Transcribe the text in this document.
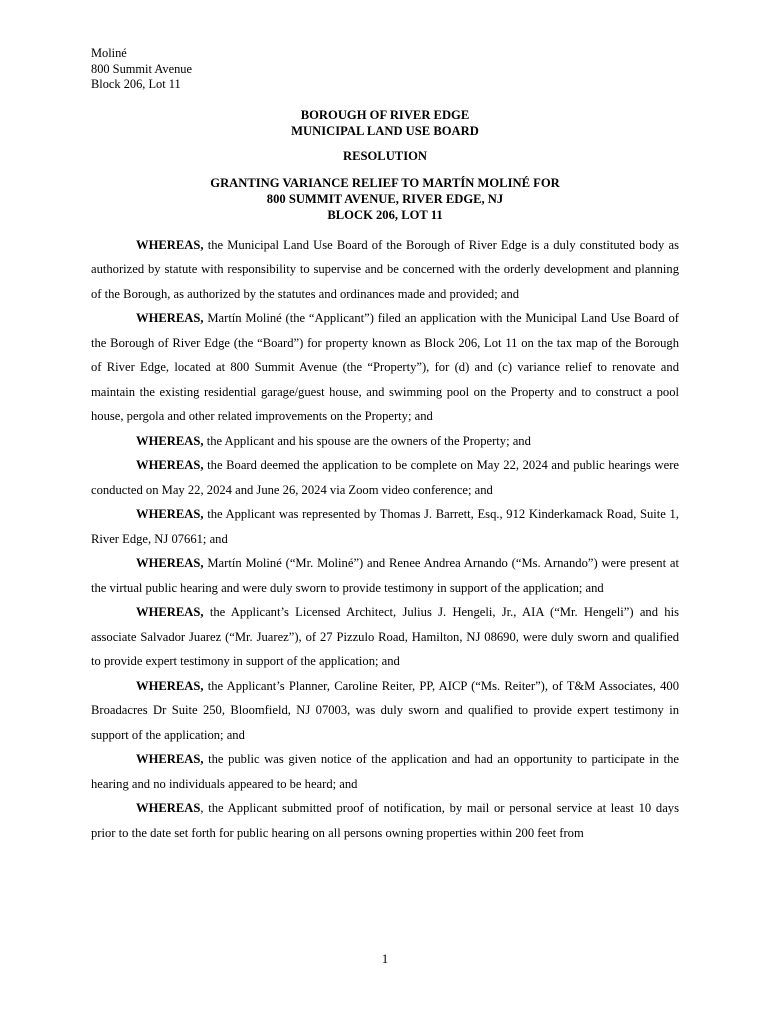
Moliné
800 Summit Avenue
Block 206, Lot 11
BOROUGH OF RIVER EDGE
MUNICIPAL LAND USE BOARD
RESOLUTION
GRANTING VARIANCE RELIEF TO MARTÍN MOLINÉ FOR
800 SUMMIT AVENUE, RIVER EDGE, NJ
BLOCK 206, LOT 11

WHEREAS, the Municipal Land Use Board of the Borough of River Edge is a duly constituted body as authorized by statute with responsibility to supervise and be concerned with the orderly development and planning of the Borough, as authorized by the statutes and ordinances made and provided; and

WHEREAS, Martín Moliné (the “Applicant”) filed an application with the Municipal Land Use Board of the Borough of River Edge (the “Board”) for property known as Block 206, Lot 11 on the tax map of the Borough of River Edge, located at 800 Summit Avenue (the “Property”), for (d) and (c) variance relief to renovate and maintain the existing residential garage/guest house, and swimming pool on the Property and to construct a pool house, pergola and other related improvements on the Property; and

WHEREAS, the Applicant and his spouse are the owners of the Property; and

WHEREAS, the Board deemed the application to be complete on May 22, 2024 and public hearings were conducted on May 22, 2024 and June 26, 2024 via Zoom video conference; and

WHEREAS, the Applicant was represented by Thomas J. Barrett, Esq., 912 Kinderkamack Road, Suite 1, River Edge, NJ 07661; and

WHEREAS, Martín Moliné (“Mr. Moliné”) and Renee Andrea Arnando (“Ms. Arnando”) were present at the virtual public hearing and were duly sworn to provide testimony in support of the application; and

WHEREAS, the Applicant’s Licensed Architect, Julius J. Hengeli, Jr., AIA (“Mr. Hengeli”) and his associate Salvador Juarez (“Mr. Juarez”), of 27 Pizzulo Road, Hamilton, NJ 08690, were duly sworn and qualified to provide expert testimony in support of the application; and

WHEREAS, the Applicant’s Planner, Caroline Reiter, PP, AICP (“Ms. Reiter”), of T&M Associates, 400 Broadacres Dr Suite 250, Bloomfield, NJ 07003, was duly sworn and qualified to provide expert testimony in support of the application; and

WHEREAS, the public was given notice of the application and had an opportunity to participate in the hearing and no individuals appeared to be heard; and

WHEREAS, the Applicant submitted proof of notification, by mail or personal service at least 10 days prior to the date set forth for public hearing on all persons owning properties within 200 feet from

1
